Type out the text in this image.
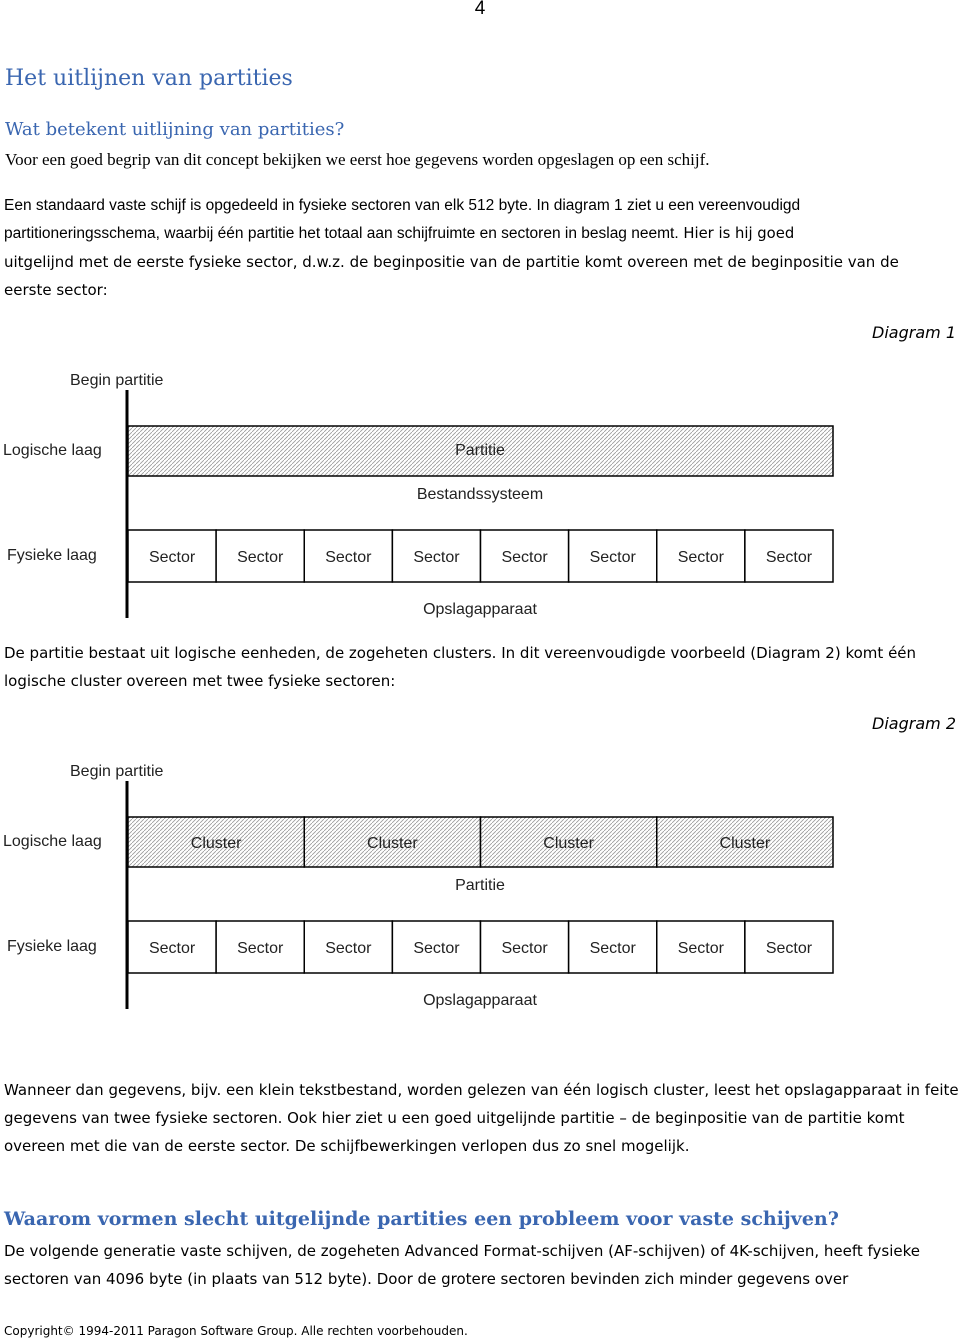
4
Het uitlijnen van partities
Wat betekent uitlijning van partities?
Voor een goed begrip van dit concept bekijken we eerst hoe gegevens worden opgeslagen op een schijf.
Een standaard vaste schijf is opgedeeld in fysieke sectoren van elk 512 byte. In diagram 1 ziet u een vereenvoudigd
partitioneringsschema, waarbij één partitie het totaal aan schijfruimte en sectoren in beslag neemt. Hier is hij goed
uitgelijnd met de eerste fysieke sector, d.w.z. de beginpositie van de partitie komt overeen met de beginpositie van de
eerste sector:
Diagram 1
Begin partitie
Logische laag	Partitie
Bestandssysteem
Fysieke laag	Sector	Sector	Sector	Sector	Sector	Sector	Sector	Sector
Opslagapparaat
De partitie bestaat uit logische eenheden, de zogeheten clusters. In dit vereenvoudigde voorbeeld (Diagram 2) komt één logische cluster overeen met twee fysieke sectoren:
Diagram 2
Begin partitie
Logische laag	Cluster	Cluster	Cluster	Cluster
Partitie
Fysieke laag	Sector	Sector	Sector	Sector	Sector	Sector	Sector	Sector
Opslagapparaat
Wanneer dan gegevens, bijv. een klein tekstbestand, worden gelezen van één logisch cluster, leest het opslagapparaat in feite gegevens van twee fysieke sectoren. Ook hier ziet u een goed uitgelijnde partitie – de beginpositie van de partitie komt overeen met die van de eerste sector. De schijfbewerkingen verlopen dus zo snel mogelijk.
Waarom vormen slecht uitgelijnde partities een probleem voor vaste schijven?
De volgende generatie vaste schijven, de zogeheten Advanced Format-schijven (AF-schijven) of 4K-schijven, heeft fysieke sectoren van 4096 byte (in plaats van 512 byte). Door de grotere sectoren bevinden zich minder gegevens over
Copyright© 1994-2011 Paragon Software Group. Alle rechten voorbehouden.
